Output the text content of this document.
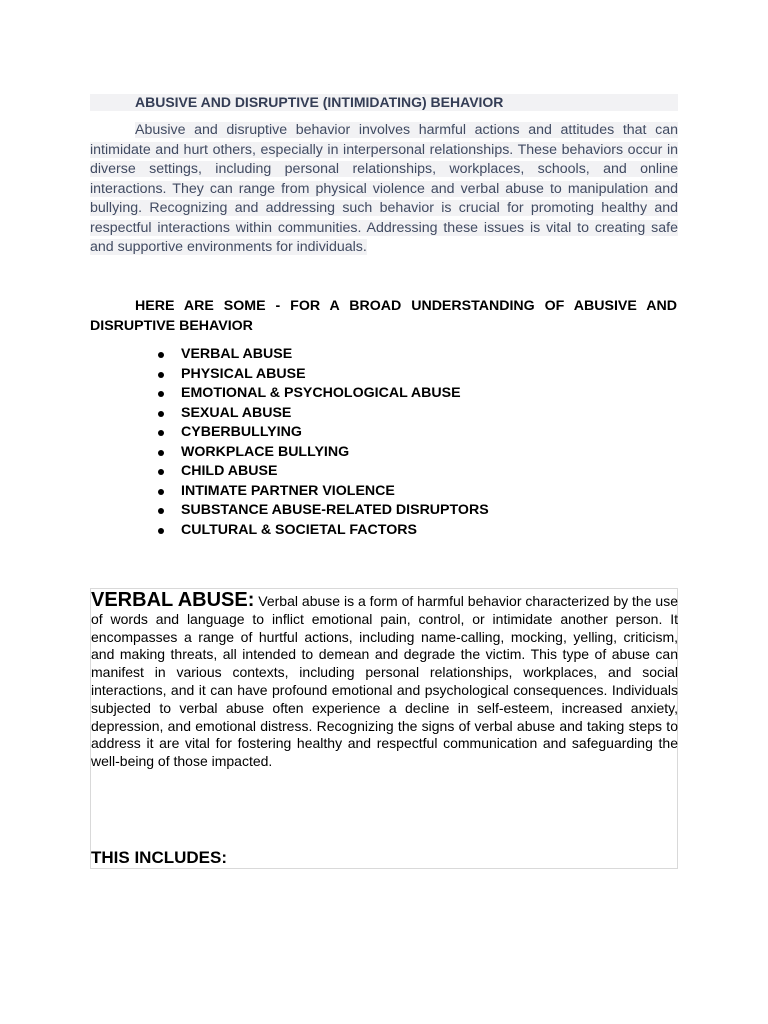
ABUSIVE AND DISRUPTIVE (INTIMIDATING) BEHAVIOR

Abusive and disruptive behavior involves harmful actions and attitudes that can intimidate and hurt others, especially in interpersonal relationships. These behaviors occur in diverse settings, including personal relationships, workplaces, schools, and online interactions. They can range from physical violence and verbal abuse to manipulation and bullying. Recognizing and addressing such behavior is crucial for promoting healthy and respectful interactions within communities. Addressing these issues is vital to creating safe and supportive environments for individuals.

HERE ARE SOME - FOR A BROAD UNDERSTANDING OF ABUSIVE AND DISRUPTIVE BEHAVIOR

VERBAL ABUSE
PHYSICAL ABUSE
EMOTIONAL & PSYCHOLOGICAL ABUSE
SEXUAL ABUSE
CYBERBULLYING
WORKPLACE BULLYING
CHILD ABUSE
INTIMATE PARTNER VIOLENCE
SUBSTANCE ABUSE-RELATED DISRUPTORS
CULTURAL & SOCIETAL FACTORS

VERBAL ABUSE: Verbal abuse is a form of harmful behavior characterized by the use of words and language to inflict emotional pain, control, or intimidate another person. It encompasses a range of hurtful actions, including name-calling, mocking, yelling, criticism, and making threats, all intended to demean and degrade the victim. This type of abuse can manifest in various contexts, including personal relationships, workplaces, and social interactions, and it can have profound emotional and psychological consequences. Individuals subjected to verbal abuse often experience a decline in self-esteem, increased anxiety, depression, and emotional distress. Recognizing the signs of verbal abuse and taking steps to address it are vital for fostering healthy and respectful communication and safeguarding the well-being of those impacted.

THIS INCLUDES:
